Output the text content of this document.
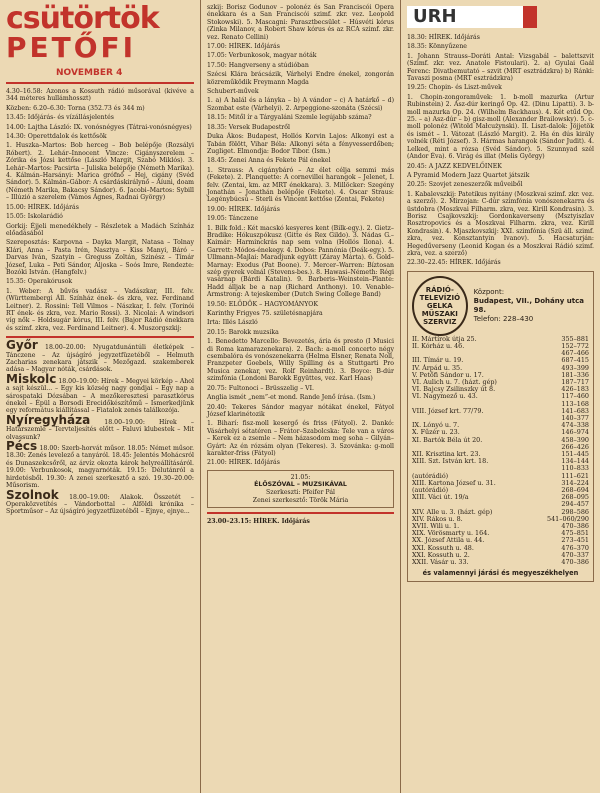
csütörtök
PETŐFI
NOVEMBER 4
4.30–16.58: Azonos a Kossuth rádió műsorával (kivéve a 344 méteres hullámhosszt)
Közben: 6.20–6.30: Torna (352.73 és 344 m)
13.45: Időjárás- és vízállásjelentés
14.00: Lajtha László: IX. vonósnégyes (Tátrai-vonósnégyes)
14.30: Operettdalok és kettősök
1. Huszka–Martos: Bob herceg – Bob belépője (Rozsályi Róbert). 2. Lehár–Innocent Vincze: Cigányszerelem – Zórika és Józsi kettőse (László Margit, Szabó Miklós). 3. Lehár–Martos: Pacsirta – Juliska belépője (Németh Marika). 4. Kálmán–Harsányi: Marica grófnő – Hej, cigány (Svéd Sándor). 5. Kálmán–Gábor: A csárdáskirálynő – Aíuni, doam (Németh Marika, Bakacsy Sándor). 6. Jacobi–Martos: Sybill – Illúzió a szerelem (Vámos Ágnes, Radnai György)
15.00: HÍREK. Időjárás
15.05: Iskolarádió
Gorkij: Éjjeli menedékhely – Részletek a Madách Színház előadásából
Szereposztás: Karpovna – Dayka Margit, Natasa – Tolnay Klári, Anna – Pasta Irén, Nasztya – Kiss Manyi, Báró – Darvas Iván, Szatyin – Greguss Zoltán, Szinész – Tímár József, Luka – Peti Sándor, Aljoska – Soós Imre, Rendezte: Bozóki István. (Hangfelv.)
15.35: Operakórusok
1. Weber: A bűvös vadász – Vadászkar, III. felv. (Württembergi Áll. Színház ének- és zkra, vez. Ferdinand Leitner). 2. Rossini: Tell Vilmos – Nászkar, I. felv. (Torinói RT ének- és zkra, vez. Mario Rossi). 3. Nicolai: A windsori víg nők – Holdsugár kórus, III. felv. (Bajor Rádió énekkara és szimf. zkra, vez. Ferdinand Leitner). 4. Muszorgszkij:
Győr 18.00–20.00: Nyugatdunántúli életképek – Tánczene – Az újságíró jegyzetfüzetéből – Helmuth Zacharias zenekara játszik – Mezőgazd. szakemberek adása – Magyar nóták, csárdások.
Miskolc 18.00–19.00: Hírek – Megyei körkép – Ahol a sajt készül... – Egy kis község nagy gondjai – Egy nap a sárospataki Dózsában – A mezőkeresztesi parasztkórus énekel – Épül a Borsodi Erecidőkészítőmű – Ismerkedjünk egy református kiállítással – Fiatalok zenés találkozója.
Nyíregyháza 18.00–19.00: Hírek – Határszemle – Tervteljesítés előtt – Faluvi klubestek – Mit olvassunk?
Pécs 18.00: Szerb-horvát műsor. 18.05: Német műsor. 18.30: Zenés levelező a tanyáról. 18.45: Jelentés Mohácsról és Dunaszekcsőről, az árvíz okozta károk helyreállításáról. 19.00: Verbunkosok, magyarnóták. 19.15: Délutánról a hirdetésből. 19.30: A zenei szerkesztő a szó. 19.30–20.00: Műsorism.
Szolnok 18.00–19.00: Alakok. Összetét – Operaközvetítés – Vándorbottal – Alföldi krónika – Sportműsor – Az újságíró jegyzetfüzetéből – Ejnye, ejnye...
szkij: Borisz Godunov – polonéz és San Franciscói Opera énekkara és a San Franciscói szimf. zkr. vez. Leopold Stokowski). 5. Mascagni: Parasztbecsület – Húsvéti kórus (Zinka Milanov, a Robert Shaw kórus és az RCA szimf. zkr. vez. Renato Cellini)
17.00: HÍREK. Időjárás
17.05: Verbunkosok, magyar nóták
17.50: Hangverseny a stúdióban
Szécsi Klára brácsázik, Várhelyi Endre énekel, zongorán közreműködik Freymann Magda
Schubert-művek
1. a) A halál és a lányka – b) A vándor – c) A határkő – d) Szombat este (Várhelyi). 2. Arpeggione-szonáta (Szécsi)
18.15: Mitől ír a Tárgyaláni Szemle legújabb száma?
18.35: Versek Budapestről
Duka Ákos: Budapest, Hollós Korvin Lajos: Alkonyi est a Tabán fölött, Vihar Béla: Alkonyi séta a fényvesserdőben; Zugliget. Elmondja: Bodor Tibor. (Ism.)
18.45: Zenei Anna és Fekete Pál énekel
1. Strauss: A cigánybáró – Az élet célja semmi más (Fekete). 2. Planquette: A cornevillei harangok – Jelenet, I. felv. (Zentai, km. az MRT énekkara). 3. Millöcker: Szegény Jonathán – Jonathán belépője (Fekete). 4. Oscar Straus: Legénybúcsú – Sterli és Vincent kettőse (Zentai, Fekete)
19.00: HÍREK. Időjárás
19.05: Tánczene
1. Bilk fold.: Két macskó kesyeres kent (Bilk-egy.). 2. Gietz–Bradike: Hókuszpókusz (Gitte és Rex Gildo). 3. Nádas G.–Kaimár: Harminckrás nap sem volna (Hollós Ilona). 4. Garrett: Módos-énekegy. 4. Dobos: Pannónia (Deák-egy.). 5. Ullmann–Majlai: Maradjunk együtt (Záray Márta). 6. Gold–Marnay: Exodus (Pat Boone). 7. Mercer–Warren: Bíztosan szép gyerek volnál (Stevens-bes.). 8. Hawasi–Németh: Régi vasárnap (Bárdi Katalin). 9. Barberis–Weinstein–Plante: Hadd álljak be a nap (Richard Anthony). 10. Venable–Armstrong: A tejeskember (Dutch Swing College Band)
19.50: ELŐDÖK – HAGYOMÁNYOK
Karinthy Frigyes 75. születésnapjára
Irta: Illés László
20.15: Barokk muzsika
1. Benedetto Marcello: Bevezetés, ária és presto (I Musici di Roma kamarazenekara). 2. Bach: a-moll concerto négy csembalóra és vonószenekarra (Helma Elsner, Renata Noll, Franzpeter Goebels, Willy Spilling és a Stuttgarti Pro Musica zenekar, vez. Rolf Reinhardt). 3. Boyce: B-dúr szimfónia (Londoni Barokk Együttes, vez. Karl Haas)
20.75: Fultonoci – Brüsszelig – VI.
Anglia ismét „nem”-et mond. Rande Jenő írása. (Ism.)
20.40: Tekeres Sándor magyar nótákat énekel, Fátyol József klarinétozik
1. Biharí: fisz-moll kesergő és friss (Fátyol). 2. Dankó: Vásárhelyi sétatéren – Frátor–Szabolcska: Tele van a város – Kerek ez a zsemle – Nem házasodom meg soha – Gilyán–Gyárt: Az én rózsám olyan (Tekeres). 3. Szovánka: g-moll karakter-friss (Fátyol)
21.00: HÍREK. Időjárás
21.05:
ÉLŐSZÓVAL – MUZSIKÁVAL
Szerkeszti: Pfeifer Pál
Zenei szerkesztő: Török Mária
23.00–23.15: HÍREK. Időjárás
URH
18.30: HÍREK. Időjárás
18.35: Könnyűzene
1. Johann Strauss–Doráti Antal: Vizsgabál – balettszvit (Szimf. zkr. vez. Anatole Fistoulari). 2. a) Gyulai Gaál Ferenc: Divatbemutató – szvit (MRT esztrádzkra) b) Ránki: Tavaszi posma (MRT esztrádzkra)
19.25: Chopin- és Liszt-művek
1. Chopin-zongoraművek: 1. b-moll mazurka (Artur Rubinstein) 2. Asz-dúr keringő Op. 42. (Dinu Lipatti). 3. b-moll mazurka Op. 24. (Wilhelm Backhaus). 4. Két etűd Op. 25. – a) Asz-dúr – b) gisz-moll (Alexander Brailowsky). 5. c-moll polonéz (Witold Małcużynski). II. Liszt-dalok: Jöjjetök és ismét – 1. Vátozat (László Margit). 2. Ha én dús király volnék (Réti József). 3. Hármas harangok (Sándor Judit). 4. Lelked, mint a rózsa (Svéd Sándor). 5. Szunnyad szél (Andor Éva). 6. Virág és illat (Melis György)
20.45: A JAZZ KEDVELŐINEK
A Pyramid Modern Jazz Quartet játszik
20.25: Szovjet zeneszerzők műveiből
1. Kabalevszkij: Patetikus nyitány (Moszkvai szimf. zkr. vez. a szerző). 2. Mirzojan: C-dúr szimfónia vonószenekarra és üstdobra (Moszkvai Filharm. zkra, vez. Kirill Kondrasin). 3. Borisz Csajkovszkij: Gordonkaverseny (Msztyiszlav Rosztropovics és a Moszkvai Filharm. zkra, vez. Kirill Kondrasin). 4. Mjaszkovszkij: XXI. szimfónia (Szü áll. szimf. zkra, vez. Konsztantyin Ivanov). 5. Hacsaturján: Hegedűverseny (Leonid Kogan és a Moszkvai Rádió szimf. zkra, vez. a szerző)
22.30–22.45: HÍREK. Időjárás
RÁDIÓ-TELEVÍZIÓ GELKA MŰSZAKI SZERVIZ
Központ:
Budapest, VII., Dohány utca 98.
Telefon: 228–430
II. Mártírok útja 25.	355–881
II. Kórház u. 46.	152–772
467–466
III. Tímár u. 19.	687–415
IV. Árpád u. 35.	493–399
V. Petőfi Sándor u. 17.	181–336
VI. Aulich u. 7. (házt. gép)	187–717
VI. Bajcsy Zsilinszky út 8.	426–183
VI. Nagymező u. 43.	117–460
113–168
VIII. József krt. 77/79.	141–683
140–377
IX. Lónyó u. 7.	474–338
X. Fűzér u. 23.	146–974
XI. Bartók Béla út 20.	458–390
266–426
XII. Krisztina krt. 23.	151–445
XIII. Szt. István krt. 18.	134–144
110–833
(autórádió)	111–621
XIII. Kartona József u. 31.	314–224
(autórádió)	268–694
XIII. Váci út. 19/a	268–095
294–457
XIV. Alle u. 3. (házt. gép)	298–586
XIV. Rákos u. 8.	541–060/290
XVII. Wili u. 1.	470–386
XIX. Vörösmarty u. 164.	475–851
XX. József Attila u. 44.	273–451
XXI. Kossuth u. 48.	476–370
XXI. Kossuth u. 2.	470–337
XXII. Vásár u. 33.	470–386
és valamennyi járási és megyeszékhelyen
